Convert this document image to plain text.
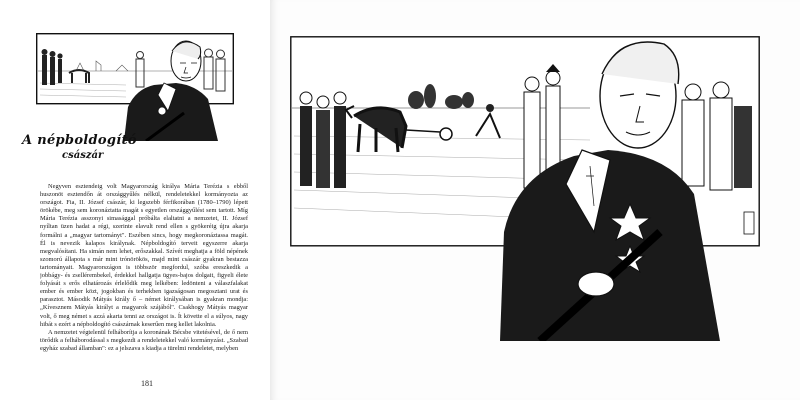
A népboldogító
császár

Negyven esztendeig volt Magyarország királya Mária Terézia s ebből huszonöt esztendőn át országgyűlés nélkül, rendeletekkel kormányozta az országot. Fia, II. József császár, ki legszebb férfikorában (1780–1790) lépett örökébe, meg sem koronáztatta magát s egyetlen országgyűlést sem tartott. Míg Mária Terézia asszonyi simasággal próbálta elaltatni a nemzetet, II. József nyíltan üzen hadat a régi, szerinte elavult rend ellen s gyökeréig újra akarja formálni a „magyar tartományt". Eszében sincs, hogy megkoronáztassa magát. Él is nevezik kalapos királynak. Népboldogító terveit egyszerre akarja megvalósítani. Ha simán nem lehet, erőszakkal. Szívét meghatja a föld népének szomorú állapota s már mint trónörökös, majd mint császár gyakran bestazza tartományait. Magyarországon is többször megfordul, szóba ereszkedik a jobbágy- és zsellérembekel, érdekkel hallgatja ügyes-bajos dolgait, figyeli élete folyását s erős elhatározás érlelődik meg lelkében: ledönteni a válaszfalakat ember és ember közt, jogokban és terhekben igazságosan megosztani urat és parasztot. Második Mátyás király ő – német királysában is gyakran mondja: „Kívesznem Mátyás királyt a magyarok szájából". Csakhogy Mátyás magyar volt, ő meg német s azzá akarta tenni az országot is. Ít követte el a súlyos, nagy hibát s ezért a népboldogító császárnak keserűen meg kellet lakolnia.

A nemzetet végtelenül felháborítja a koronának Bécsbe vitetésével, de ő nem törődik a felháborodással s megkezdi a rendeletekkel való kormányzást. „Szabad egyház szabad államban": ez a jelszava s kiadja a türelmi rendeletet, melyben

181
